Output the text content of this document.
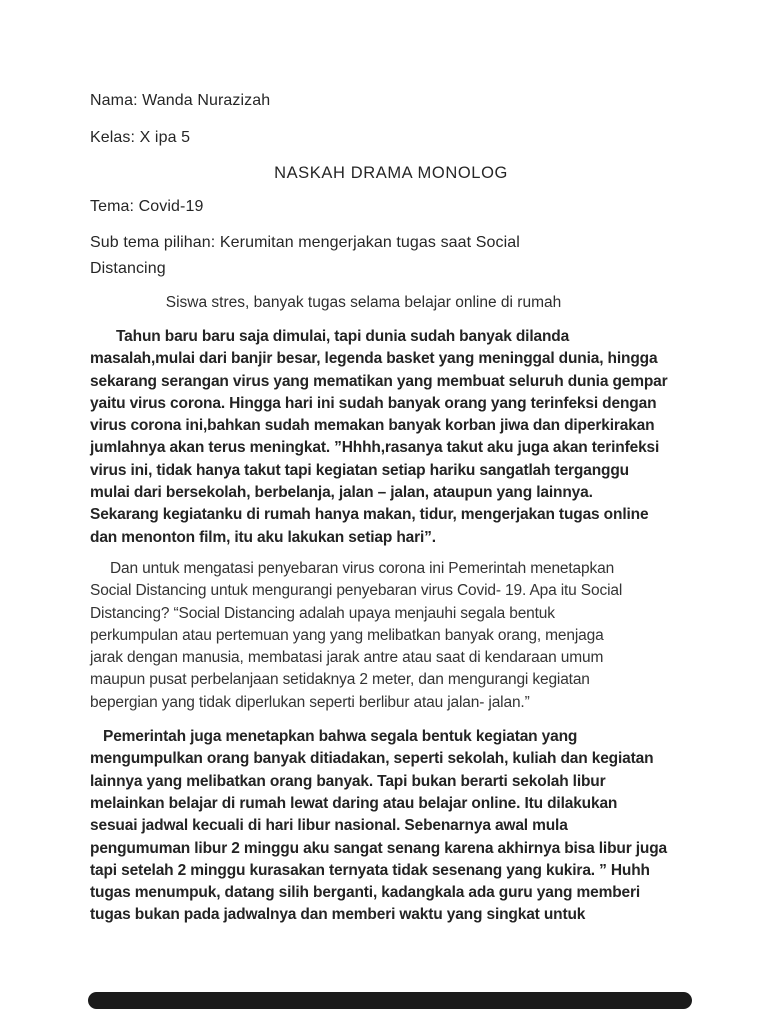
Nama: Wanda Nurazizah
Kelas: X ipa 5
NASKAH DRAMA MONOLOG
Tema: Covid-19
Sub tema pilihan: Kerumitan mengerjakan tugas saat Social
Distancing
Siswa stres, banyak tugas selama belajar online di rumah
Tahun baru baru saja dimulai, tapi dunia sudah banyak dilanda
masalah,mulai dari banjir besar, legenda basket yang meninggal dunia, hingga
sekarang serangan virus yang mematikan yang membuat seluruh dunia gempar
yaitu virus corona. Hingga hari ini sudah banyak orang yang terinfeksi dengan
virus corona ini,bahkan sudah memakan banyak korban jiwa dan diperkirakan
jumlahnya akan terus meningkat. ”Hhhh,rasanya takut aku juga akan terinfeksi
virus ini, tidak hanya takut tapi kegiatan setiap hariku sangatlah terganggu
mulai dari bersekolah, berbelanja, jalan – jalan, ataupun yang lainnya.
Sekarang kegiatanku di rumah hanya makan, tidur, mengerjakan tugas online
dan menonton film, itu aku lakukan setiap hari”.
Dan untuk mengatasi penyebaran virus corona ini Pemerintah menetapkan
Social Distancing untuk mengurangi penyebaran virus Covid- 19. Apa itu Social
Distancing? “Social Distancing adalah upaya menjauhi segala bentuk
perkumpulan atau pertemuan yang yang melibatkan banyak orang, menjaga
jarak dengan manusia, membatasi jarak antre atau saat di kendaraan umum
maupun pusat perbelanjaan setidaknya 2 meter, dan mengurangi kegiatan
bepergian yang tidak diperlukan seperti berlibur atau jalan- jalan.”
Pemerintah juga menetapkan bahwa segala bentuk kegiatan yang
mengumpulkan orang banyak ditiadakan, seperti sekolah, kuliah dan kegiatan
lainnya yang melibatkan orang banyak. Tapi bukan berarti sekolah libur
melainkan belajar di rumah lewat daring atau belajar online. Itu dilakukan
sesuai jadwal kecuali di hari libur nasional. Sebenarnya awal mula
pengumuman libur 2 minggu aku sangat senang karena akhirnya bisa libur juga
tapi setelah 2 minggu kurasakan ternyata tidak sesenang yang kukira. ” Huhh
tugas menumpuk, datang silih berganti, kadangkala ada guru yang memberi
tugas bukan pada jadwalnya dan memberi waktu yang singkat untuk
